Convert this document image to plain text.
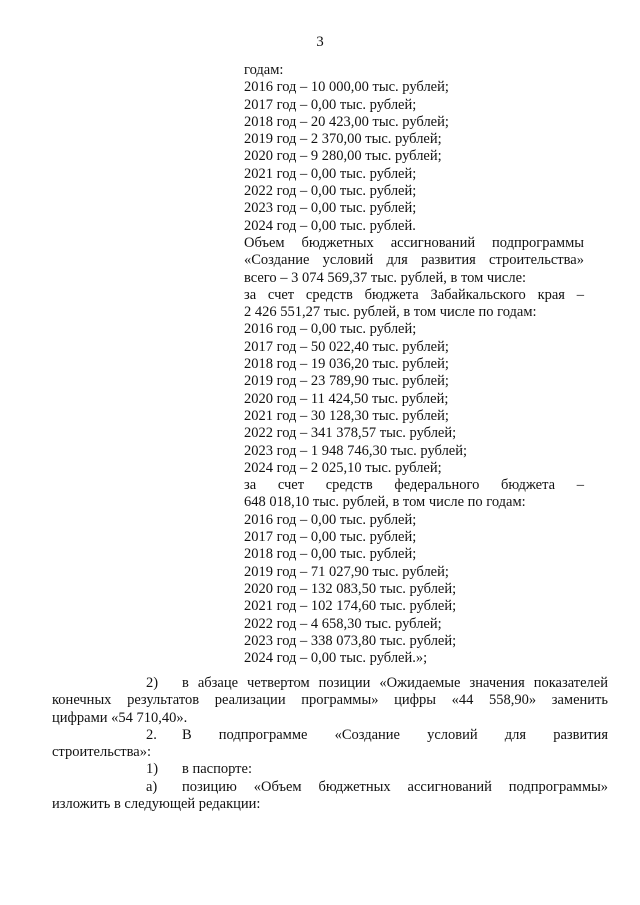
3

годам:

2016 год – 10 000,00 тыс. рублей;

2017 год – 0,00 тыс. рублей;

2018 год – 20 423,00 тыс. рублей;

2019 год – 2 370,00 тыс. рублей;

2020 год – 9 280,00 тыс. рублей;

2021 год – 0,00 тыс. рублей;

2022 год – 0,00 тыс. рублей;

2023 год – 0,00 тыс. рублей;

2024 год – 0,00 тыс. рублей.

Объем бюджетных ассигнований подпрограммы

«Создание условий для развития строительства»

всего – 3 074 569,37 тыс. рублей, в том числе:

за счет средств бюджета Забайкальского края –

2 426 551,27 тыс. рублей, в том числе по годам:

2016 год – 0,00 тыс. рублей;

2017 год – 50 022,40 тыс. рублей;

2018 год – 19 036,20 тыс. рублей;

2019 год – 23 789,90 тыс. рублей;

2020 год – 11 424,50 тыс. рублей;

2021 год – 30 128,30 тыс. рублей;

2022 год – 341 378,57 тыс. рублей;

2023 год – 1 948 746,30 тыс. рублей;

2024 год – 2 025,10 тыс. рублей;

за счет средств федерального бюджета –

648 018,10 тыс. рублей, в том числе по годам:

2016 год – 0,00 тыс. рублей;

2017 год – 0,00 тыс. рублей;

2018 год – 0,00 тыс. рублей;

2019 год – 71 027,90 тыс. рублей;

2020 год – 132 083,50 тыс. рублей;

2021 год – 102 174,60 тыс. рублей;

2022 год – 4 658,30 тыс. рублей;

2023 год – 338 073,80 тыс. рублей;

2024 год – 0,00 тыс. рублей.»;

2)	в абзаце четвертом позиции «Ожидаемые значения показателей

конечных результатов реализации программы» цифры «44 558,90» заменить

цифрами «54 710,40».

2.	В подпрограмме «Создание условий для развития

строительства»:

1)	в паспорте:
а)	позицию «Объем бюджетных ассигнований подпрограммы»

изложить в следующей редакции:
